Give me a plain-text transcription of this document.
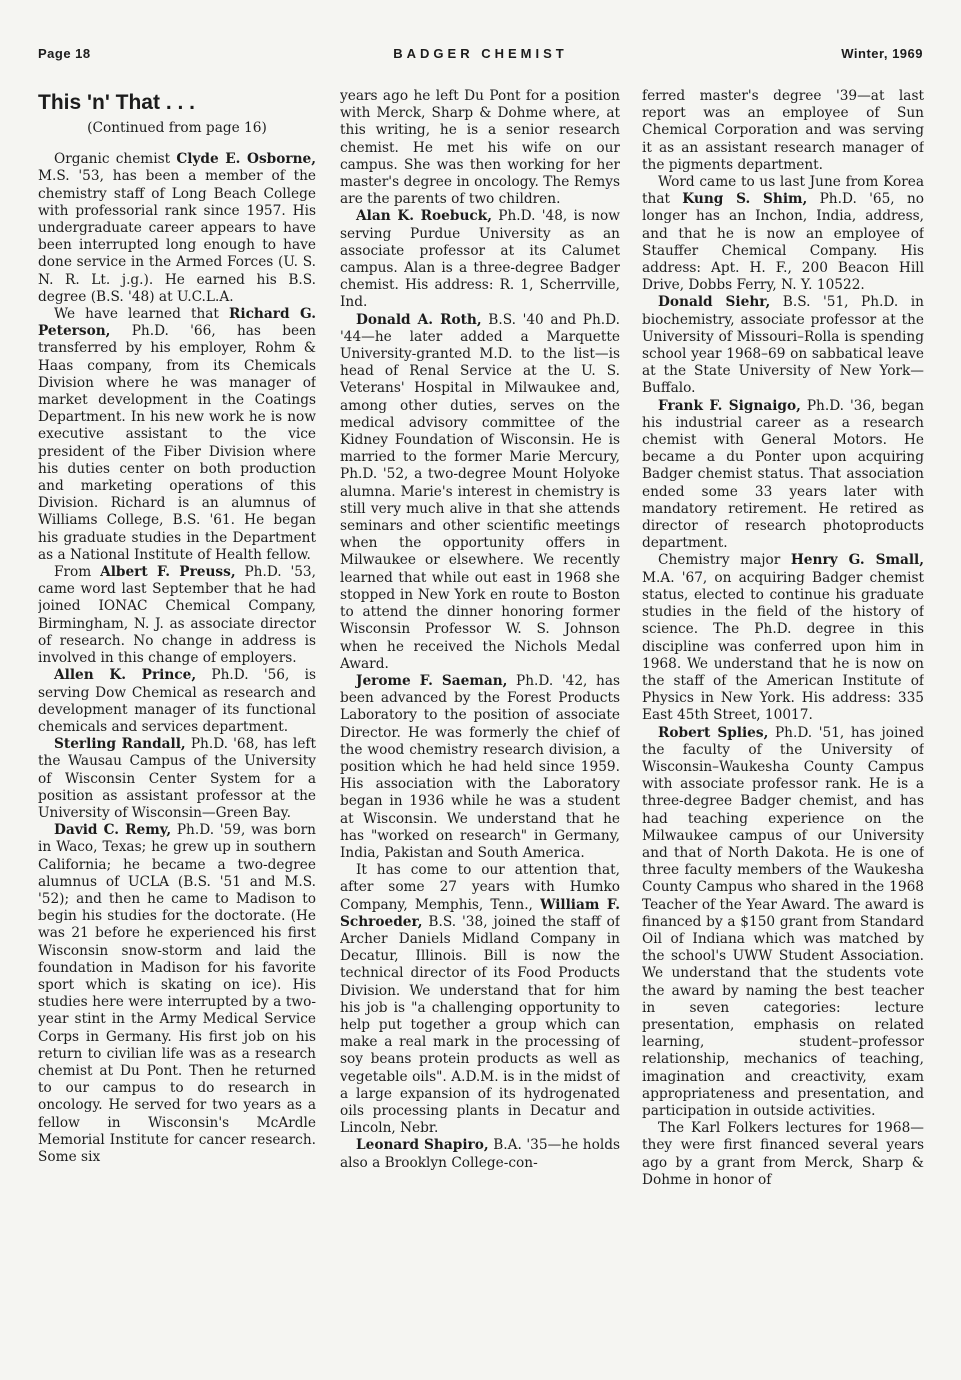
Page 18	BADGER CHEMIST	Winter, 1969
This 'n' That . . .

(Continued from page 16)

Organic chemist Clyde E. Osborne, M.S. '53, has been a member of the chemistry staff of Long Beach College with professorial rank since 1957. His undergraduate career appears to have been interrupted long enough to have done service in the Armed Forces (U. S. N. R. Lt. j.g.). He earned his B.S. degree (B.S. '48) at U.C.L.A.

We have learned that Richard G. Peterson, Ph.D. '66, has been transferred by his employer, Rohm & Haas company, from its Chemicals Division where he was manager of market development in the Coatings Department. In his new work he is now executive assistant to the vice president of the Fiber Division where his duties center on both production and marketing operations of this Division. Richard is an alumnus of Williams College, B.S. '61. He began his graduate studies in the Department as a National Institute of Health fellow.

From Albert F. Preuss, Ph.D. '53, came word last September that he had joined IONAC Chemical Company, Birmingham, N. J. as associate director of research. No change in address is involved in this change of employers.

Allen K. Prince, Ph.D. '56, is serving Dow Chemical as research and development manager of its functional chemicals and services department.

Sterling Randall, Ph.D. '68, has left the Wausau Campus of the University of Wisconsin Center System for a position as assistant professor at the University of Wisconsin—Green Bay.

David C. Remy, Ph.D. '59, was born in Waco, Texas; he grew up in southern California; he became a two-degree alumnus of UCLA (B.S. '51 and M.S. '52); and then he came to Madison to begin his studies for the doctorate. (He was 21 before he experienced his first Wisconsin snow-storm and laid the foundation in Madison for his favorite sport which is skating on ice). His studies here were interrupted by a two-year stint in the Army Medical Service Corps in Germany. His first job on his return to civilian life was as a research chemist at Du Pont. Then he returned to our campus to do research in oncology. He served for two years as a fellow in Wisconsin's McArdle Memorial Institute for cancer research. Some six

years ago he left Du Pont for a position with Merck, Sharp & Dohme where, at this writing, he is a senior research chemist. He met his wife on our campus. She was then working for her master's degree in oncology. The Remys are the parents of two children.

Alan K. Roebuck, Ph.D. '48, is now serving Purdue University as an associate professor at its Calumet campus. Alan is a three-degree Badger chemist. His address: R. 1, Scherrville, Ind.

Donald A. Roth, B.S. '40 and Ph.D. '44—he later added a Marquette University-granted M.D. to the list—is head of Renal Service at the U. S. Veterans' Hospital in Milwaukee and, among other duties, serves on the medical advisory committee of the Kidney Foundation of Wisconsin. He is married to the former Marie Mercury, Ph.D. '52, a two-degree Mount Holyoke alumna. Marie's interest in chemistry is still very much alive in that she attends seminars and other scientific meetings when the opportunity offers in Milwaukee or elsewhere. We recently learned that while out east in 1968 she stopped in New York en route to Boston to attend the dinner honoring former Wisconsin Professor W. S. Johnson when he received the Nichols Medal Award.

Jerome F. Saeman, Ph.D. '42, has been advanced by the Forest Products Laboratory to the position of associate Director. He was formerly the chief of the wood chemistry research division, a position which he had held since 1959. His association with the Laboratory began in 1936 while he was a student at Wisconsin. We understand that he has "worked on research" in Germany, India, Pakistan and South America.

It has come to our attention that, after some 27 years with Humko Company, Memphis, Tenn., William F. Schroeder, B.S. '38, joined the staff of Archer Daniels Midland Company in Decatur, Illinois. Bill is now the technical director of its Food Products Division. We understand that for him his job is "a challenging opportunity to help put together a group which can make a real mark in the processing of soy beans protein products as well as vegetable oils". A.D.M. is in the midst of a large expansion of its hydrogenated oils processing plants in Decatur and Lincoln, Nebr.

Leonard Shapiro, B.A. '35—he holds also a Brooklyn College-con-

ferred master's degree '39—at last report was an employee of Sun Chemical Corporation and was serving it as an assistant research manager of the pigments department.

Word came to us last June from Korea that Kung S. Shim, Ph.D. '65, no longer has an Inchon, India, address, and that he is now an employee of Stauffer Chemical Company. His address: Apt. H. F., 200 Beacon Hill Drive, Dobbs Ferry, N. Y. 10522.

Donald Siehr, B.S. '51, Ph.D. in biochemistry, associate professor at the University of Missouri–Rolla is spending school year 1968–69 on sabbatical leave at the State University of New York—Buffalo.

Frank F. Signaigo, Ph.D. '36, began his industrial career as a research chemist with General Motors. He became a du Ponter upon acquiring Badger chemist status. That association ended some 33 years later with mandatory retirement. He retired as director of research photoproducts department.

Chemistry major Henry G. Small, M.A. '67, on acquiring Badger chemist status, elected to continue his graduate studies in the field of the history of science. The Ph.D. degree in this discipline was conferred upon him in 1968. We understand that he is now on the staff of the American Institute of Physics in New York. His address: 335 East 45th Street, 10017.

Robert Splies, Ph.D. '51, has joined the faculty of the University of Wisconsin–Waukesha County Campus with associate professor rank. He is a three-degree Badger chemist, and has had teaching experience on the Milwaukee campus of our University and that of North Dakota. He is one of three faculty members of the Waukesha County Campus who shared in the 1968 Teacher of the Year Award. The award is financed by a $150 grant from Standard Oil of Indiana which was matched by the school's UWW Student Association. We understand that the students vote the award by naming the best teacher in seven categories: lecture presentation, emphasis on related learning, student–professor relationship, mechanics of teaching, imagination and creactivity, exam appropriateness and presentation, and participation in outside activities.

The Karl Folkers lectures for 1968—they were first financed several years ago by a grant from Merck, Sharp & Dohme in honor of
